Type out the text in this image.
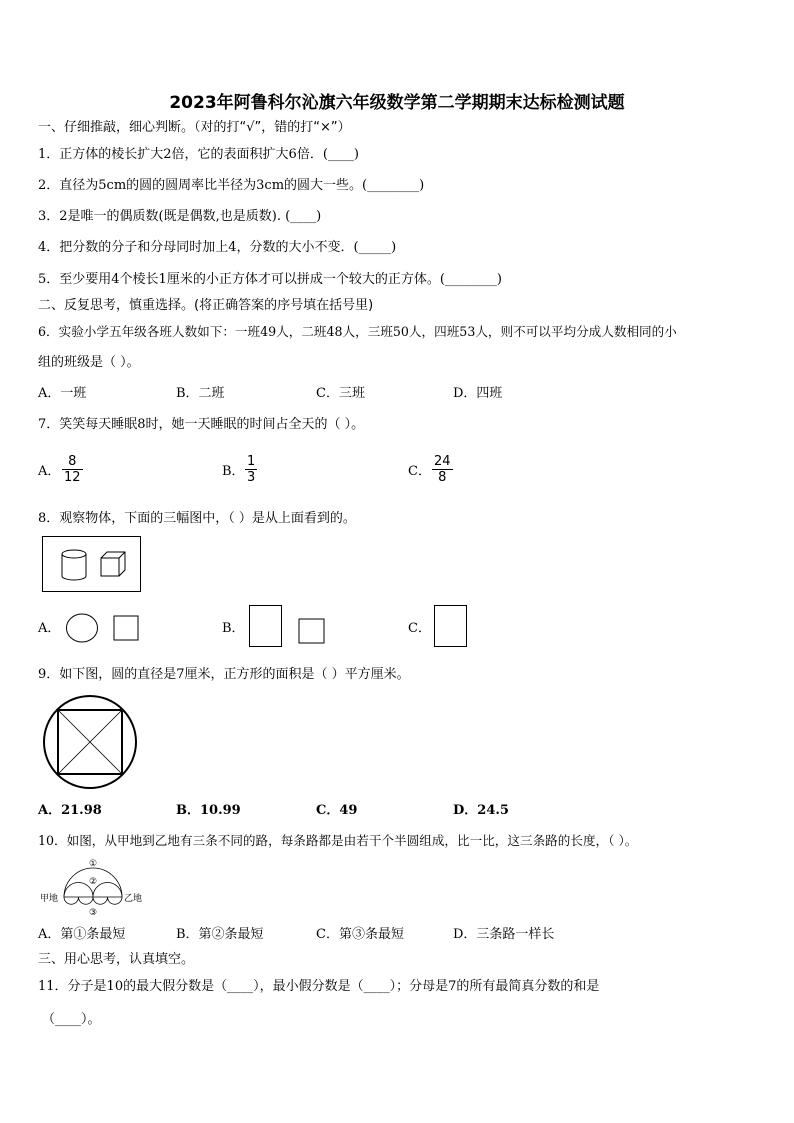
2023年阿鲁科尔沁旗六年级数学第二学期期末达标检测试题
一、仔细推敲，细心判断。（对的打“√”，错的打“×”）
1．正方体的棱长扩大2倍，它的表面积扩大6倍．(____)
2．直径为5cm的圆的圆周率比半径为3cm的圆大一些。(________)
3．2是唯一的偶质数(既是偶数,也是质数). (____)
4．把分数的分子和分母同时加上4，分数的大小不变．(_____)
5．至少要用4个棱长1厘米的小正方体才可以拼成一个较大的正方体。(________)
二、反复思考，慎重选择。(将正确答案的序号填在括号里)
6．实验小学五年级各班人数如下：一班49人，二班48人，三班50人，四班53人，则不可以平均分成人数相同的小
组的班级是（ ）。
A．一班	B．二班	C．三班	D．四班
7．笑笑每天睡眠8时，她一天睡眠的时间占全天的（ ）。
A． $\frac{8}{12}$	B． $\frac{1}{3}$	C． $\frac{24}{8}$
8．观察物体，下面的三幅图中，（ ）是从上面看到的。
A．	B．	C．
9．如下图，圆的直径是7厘米，正方形的面积是（ ）平方厘米。
A．21.98	B．10.99	C．49	D．24.5
10．如图，从甲地到乙地有三条不同的路，每条路都是由若干个半圆组成，比一比，这三条路的长度，（ ）。
甲地	乙地
①
②
③
A．第①条最短	B．第②条最短	C．第③条最短	D．三条路一样长
三、用心思考，认真填空。
11．分子是10的最大假分数是（____），最小假分数是（____）；分母是7的所有最简真分数的和是
（____）。
